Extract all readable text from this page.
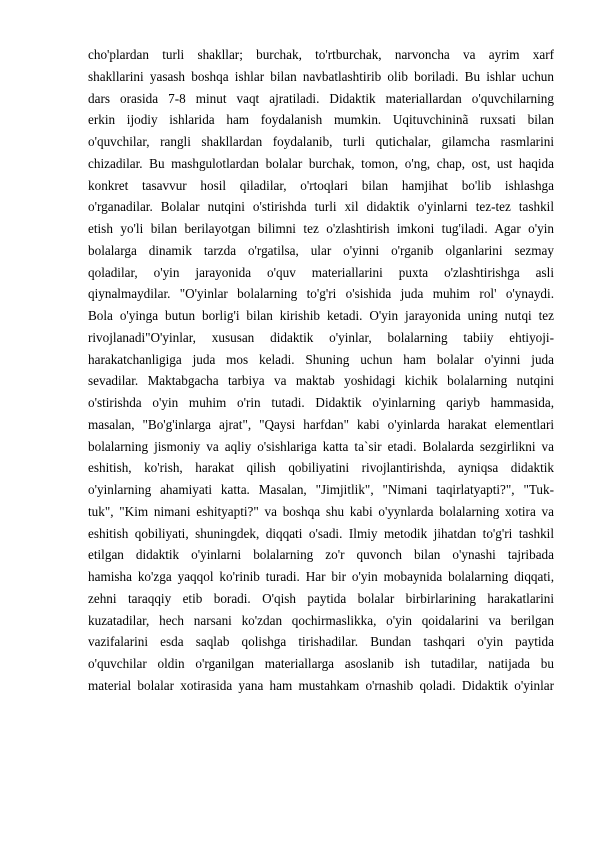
cho'plardan turli shakllar; burchak, to'rtburchak, narvoncha va ayrim xarf
shakllarini yasash boshqa ishlar bilan navbatlashtirib olib boriladi. Bu ishlar uchun
dars orasida 7-8 minut vaqt ajratiladi. Didaktik materiallardan o'quvchilarning
erkin ijodiy ishlarida ham foydalanish mumkin. Uqituvchininã ruxsati bilan
o'quvchilar, rangli shakllardan foydalanib, turli qutichalar, gilamcha rasmlarini
chizadilar. Bu mashgulotlardan bolalar burchak, tomon, o'ng, chap, ost, ust haqida
konkret tasavvur hosil qiladilar, o'rtoqlari bilan hamjihat bo'lib ishlashga
o'rganadilar. Bolalar nutqini o'stirishda turli xil didaktik o'yinlarni tez-tez tashkil
etish yo'li bilan berilayotgan bilimni tez o'zlashtirish imkoni tug'iladi. Agar o'yin
bolalarga dinamik tarzda o'rgatilsa, ular o'yinni o'rganib olganlarini sezmay
qoladilar, o'yin jarayonida o'quv materiallarini puxta o'zlashtirishga asli
qiynalmaydilar. "O'yinlar bolalarning to'g'ri o'sishida juda muhim rol' o'ynaydi.
Bola o'yinga butun borlig'i bilan kirishib ketadi. O'yin jarayonida uning nutqi tez
rivojlanadi"O'yinlar, xususan didaktik o'yinlar, bolalarning tabiiy ehtiyoji-
harakatchanligiga juda mos keladi. Shuning uchun ham bolalar o'yinni juda
sevadilar. Maktabgacha tarbiya va maktab yoshidagi kichik bolalarning nutqini
o'stirishda o'yin muhim o'rin tutadi. Didaktik o'yinlarning qariyb hammasida,
masalan, "Bo'g'inlarga ajrat", "Qaysi harfdan" kabi o'yinlarda harakat elementlari
bolalarning jismoniy va aqliy o'sishlariga katta ta`sir etadi. Bolalarda sezgirlikni va
eshitish, ko'rish, harakat qilish qobiliyatini rivojlantirishda, ayniqsa didaktik
o'yinlarning ahamiyati katta. Masalan, "Jimjitlik", "Nimani taqirlatyapti?", "Tuk-
tuk", "Kim nimani eshityapti?" va boshqa shu kabi o'yynlarda bolalarning xotira va
eshitish qobiliyati, shuningdek, diqqati o'sadi. Ilmiy metodik jihatdan to'g'ri tashkil
etilgan didaktik o'yinlarni bolalarning zo'r quvonch bilan o'ynashi tajribada
hamisha ko'zga yaqqol ko'rinib turadi. Har bir o'yin mobaynida bolalarning diqqati,
zehni taraqqiy etib boradi. O'qish paytida bolalar birbirlarining harakatlarini
kuzatadilar, hech narsani ko'zdan qochirmaslikka, o'yin qoidalarini va berilgan
vazifalarini esda saqlab qolishga tirishadilar. Bundan tashqari o'yin paytida
o'quvchilar oldin o'rganilgan materiallarga asoslanib ish tutadilar, natijada bu
material bolalar xotirasida yana ham mustahkam o'rnashib qoladi. Didaktik o'yinlar
